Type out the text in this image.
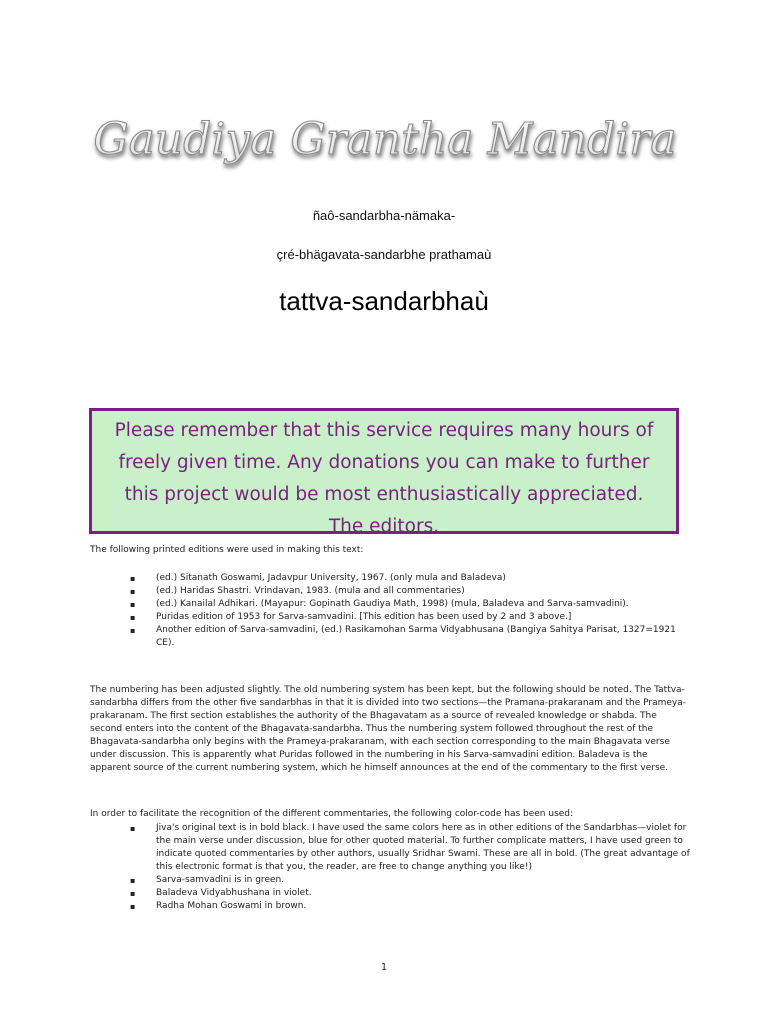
Gaudiya Grantha Mandira
ñaô-sandarbha-nämaka-
çré-bhägavata-sandarbhe prathamaù
tattva-sandarbhaù
Please remember that this service requires many hours of
freely given time. Any donations you can make to further
this project would be most enthusiastically appreciated.
The editors.
The following printed editions were used in making this text:
▪ (ed.) Sitanath Goswami, Jadavpur University, 1967. (only mula and Baladeva)
▪ (ed.) Haridas Shastri. Vrindavan, 1983. (mula and all commentaries)
▪ (ed.) Kanailal Adhikari. (Mayapur: Gopinath Gaudiya Math, 1998) (mula, Baladeva and Sarva-samvadini).
▪ Puridas edition of 1953 for Sarva-samvadini. [This edition has been used by 2 and 3 above.]
▪ Another edition of Sarva-samvadini, (ed.) Rasikamohan Sarma Vidyabhusana (Bangiya Sahitya Parisat, 1327=1921 CE).
The numbering has been adjusted slightly. The old numbering system has been kept, but the following should be noted. The Tattva-sandarbha differs from the other five sandarbhas in that it is divided into two sections—the Pramana-prakaranam and the Prameya-prakaranam. The first section establishes the authority of the Bhagavatam as a source of revealed knowledge or shabda. The second enters into the content of the Bhagavata-sandarbha. Thus the numbering system followed throughout the rest of the Bhagavata-sandarbha only begins with the Prameya-prakaranam, with each section corresponding to the main Bhagavata verse under discussion. This is apparently what Puridas followed in the numbering in his Sarva-samvadini edition. Baladeva is the apparent source of the current numbering system, which he himself announces at the end of the commentary to the first verse.
In order to facilitate the recognition of the different commentaries, the following color-code has been used:
▪ Jiva's original text is in bold black. I have used the same colors here as in other editions of the Sandarbhas—violet for the main verse under discussion, blue for other quoted material. To further complicate matters, I have used green to indicate quoted commentaries by other authors, usually Sridhar Swami. These are all in bold. (The great advantage of this electronic format is that you, the reader, are free to change anything you like!)
▪ Sarva-samvadini is in green.
▪ Baladeva Vidyabhushana in violet.
▪ Radha Mohan Goswami in brown.
1
